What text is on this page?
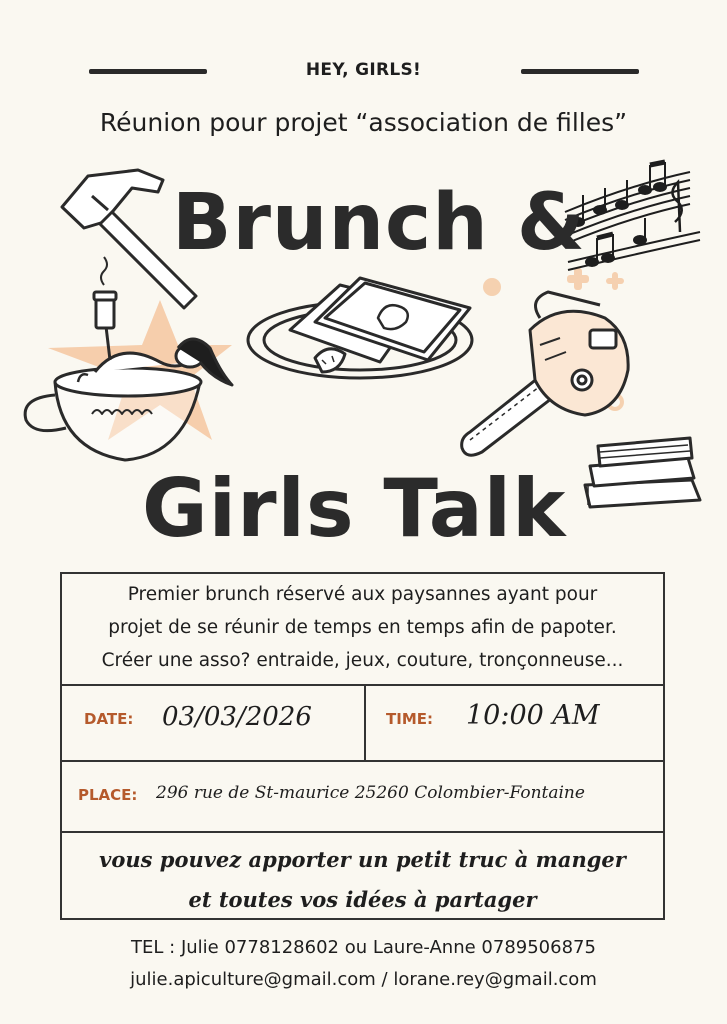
HEY, GIRLS!
Réunion pour projet “association de filles”
Brunch &
Girls Talk
Premier brunch réservé aux paysannes ayant pour
projet de se réunir de temps en temps afin de papoter.
Créer une asso? entraide, jeux, couture, tronçonneuse...
DATE: 03/03/2026	TIME: 10:00 AM
PLACE: 296 rue de St-maurice 25260 Colombier-Fontaine
vous pouvez apporter un petit truc à manger
et toutes vos idées à partager
TEL : Julie 0778128602 ou Laure-Anne 0789506875
julie.apiculture@gmail.com / lorane.rey@gmail.com
